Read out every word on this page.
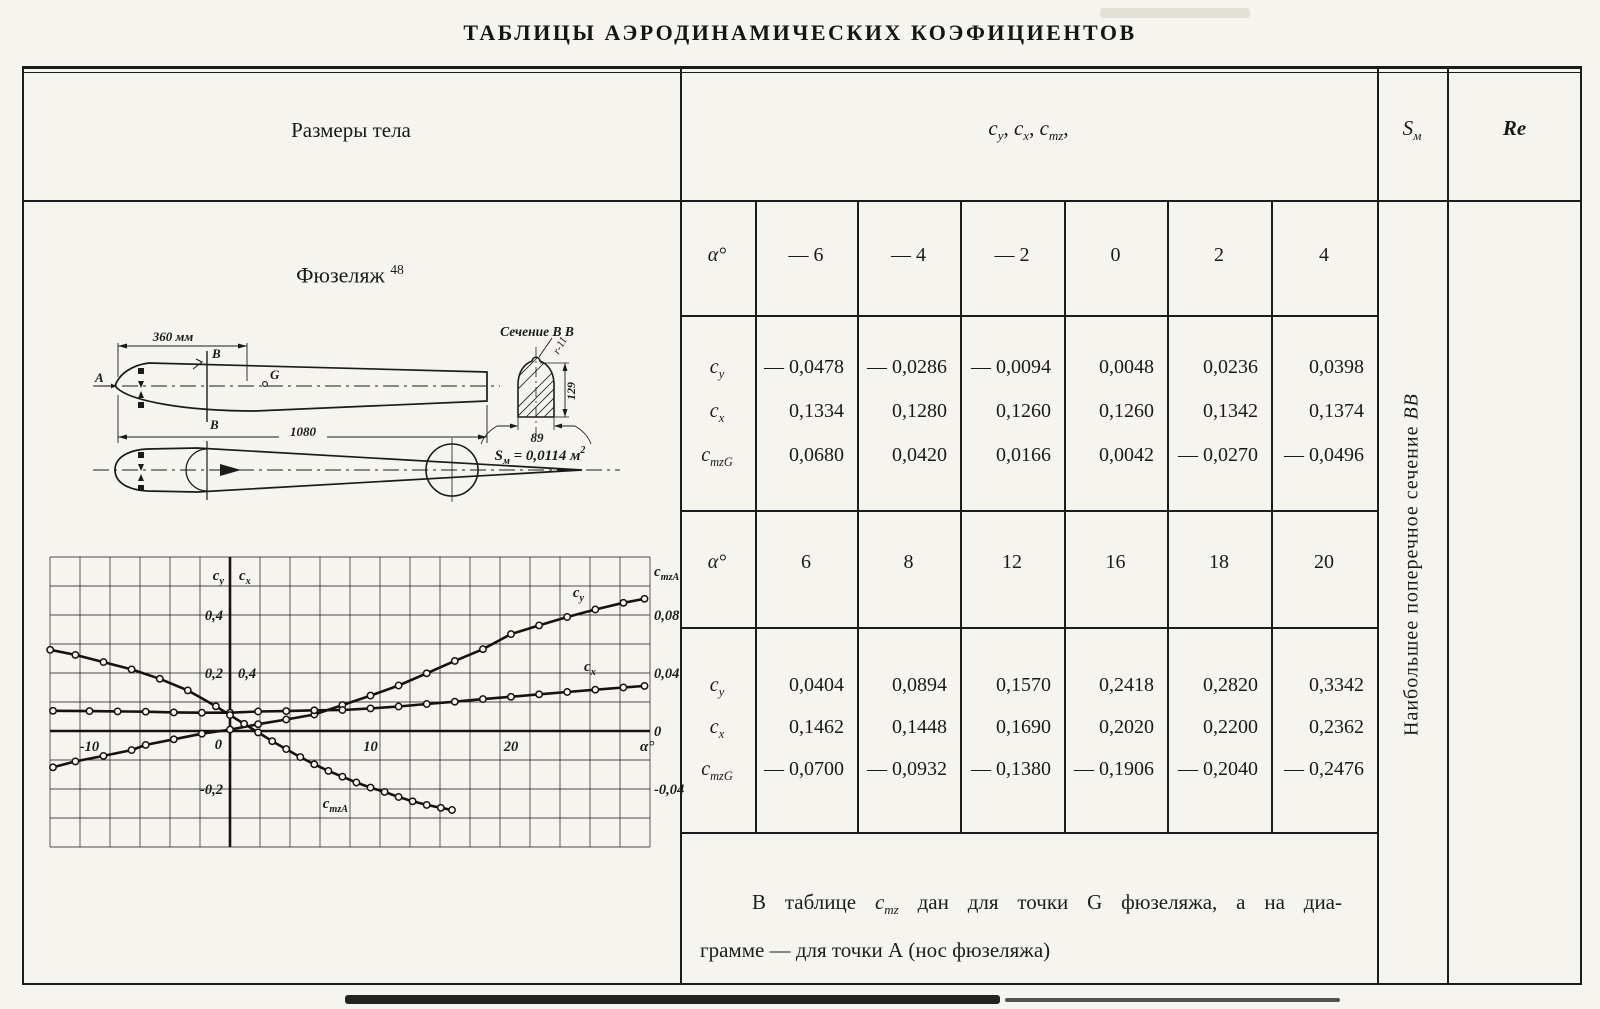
ТАБЛИЦЫ АЭРОДИНАМИЧЕСКИХ КОЭФИЦИЕНТОВ
Размеры тела	$c_y$, $c_x$, $c_{mz}$,	$S_м$	Re
Фюзеляж $^{48}$
360 мм
1080
A
B
B
G
Сечение В В
r-11
129
89
$S_м = 0,0114$ $м^2$
$c_y$ $c_x$
$c_{mzA}$
-10	10	20
0	α°
0,4
0,2 0,4
-0,2
0,08
0,04
0
-0,04
$c_y$
$c_x$
$c_{mzA}$
В таблице $c_{mz}$ дан для точки G фюзеляжа, а на диа-
грамме — для точки А (нос фюзеляжа)
Наибольшее поперечное сечение ВВ
α°	— 6	— 4	— 2	0	2	4
$c_y$	— 0,0478	— 0,0286	— 0,0094	0,0048	0,0236	0,0398
$c_x$	0,1334	0,1280	0,1260	0,1260	0,1342	0,1374
$c_{mzG}$	0,0680	0,0420	0,0166	0,0042	— 0,0270	— 0,0496
α°	6	8	12	16	18	20
$c_y$	0,0404	0,0894	0,1570	0,2418	0,2820	0,3342
$c_x$	0,1462	0,1448	0,1690	0,2020	0,2200	0,2362
$c_{mzG}$	— 0,0700	— 0,0932	— 0,1380	— 0,1906	— 0,2040	— 0,2476
